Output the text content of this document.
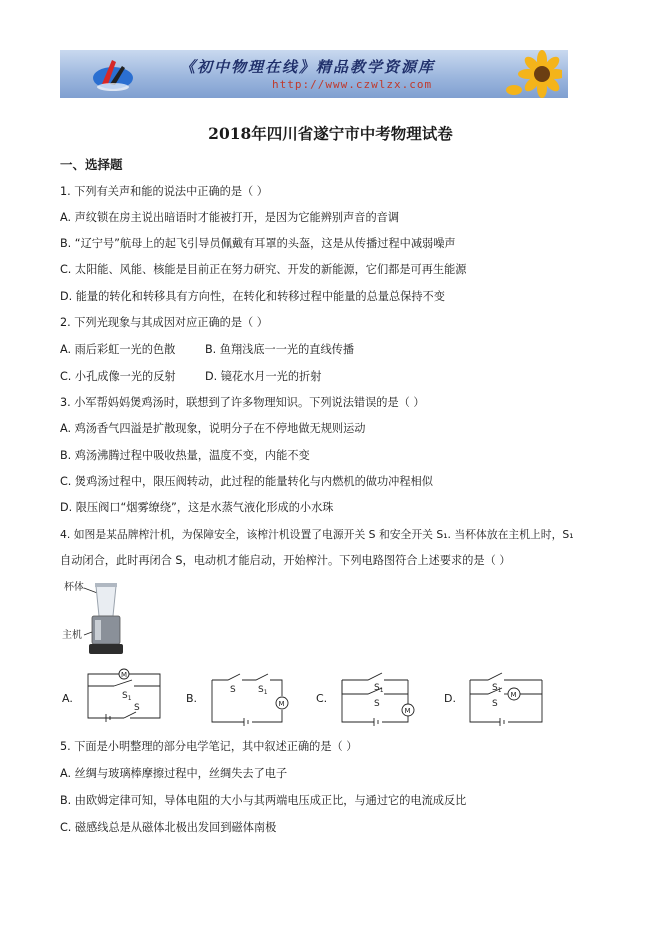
《初中物理在线》精品教学资源库
http://www.czwlzx.com
2018年四川省遂宁市中考物理试卷
一、选择题
1. 下列有关声和能的说法中正确的是（ ）
A. 声纹锁在房主说出暗语时才能被打开，是因为它能辨别声音的音调
B. “辽宁号”航母上的起飞引导员佩戴有耳罩的头盔，这是从传播过程中减弱噪声
C. 太阳能、风能、核能是目前正在努力研究、开发的新能源，它们都是可再生能源
D. 能量的转化和转移具有方向性，在转化和转移过程中能量的总量总保持不变
2. 下列光现象与其成因对应正确的是（ ）
A. 雨后彩虹一光的色散	B. 鱼翔浅底一一光的直线传播
C. 小孔成像一光的反射	D. 镜花水月一光的折射
3. 小军帮妈妈煲鸡汤时，联想到了许多物理知识。下列说法错误的是（ ）
A. 鸡汤香气四溢是扩散现象，说明分子在不停地做无规则运动
B. 鸡汤沸腾过程中吸收热量，温度不变，内能不变
C. 煲鸡汤过程中，限压阀转动，此过程的能量转化与内燃机的做功冲程相似
D. 限压阀口“烟雾缭绕”，这是水蒸气液化形成的小水珠
4. 如图是某品牌榨汁机，为保障安全，该榨汁机设置了电源开关 S 和安全开关 S₁. 当杯体放在主机上时，S₁
自动闭合，此时再闭合 S，电动机才能启动，开始榨汁。下列电路图符合上述要求的是（ ）
杯体
主机
A.	B.	C.	D.
M
$S_1$
S	M
S $S_1$
M
$S_1$
S
M
$S_1$
S
5. 下面是小明整理的部分电学笔记，其中叙述正确的是（ ）
A. 丝绸与玻璃棒摩擦过程中，丝绸失去了电子
B. 由欧姆定律可知，导体电阻的大小与其两端电压成正比，与通过它的电流成反比
C. 磁感线总是从磁体北极出发回到磁体南极
